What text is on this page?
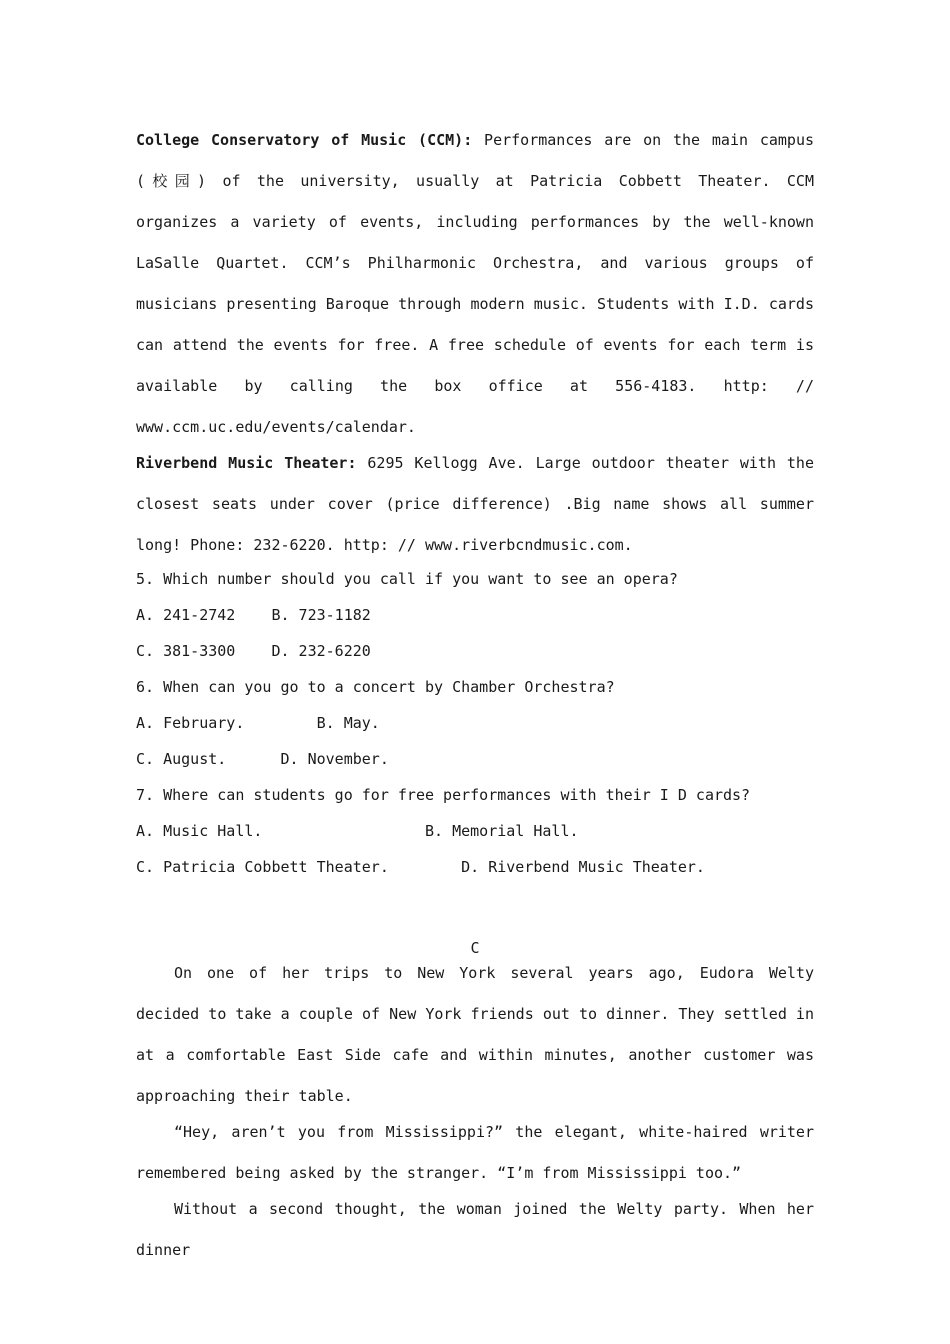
College Conservatory of Music (CCM): Performances are on the main campus (校园) of the university, usually at Patricia Cobbett Theater. CCM organizes a variety of events, including performances by the well-known LaSalle Quartet. CCM’s Philharmonic Orchestra, and various groups of musicians presenting Baroque through modern music. Students with I.D. cards can attend the events for free. A free schedule of events for each term is available by calling the box office at 556-4183. http: // www.ccm.uc.edu/events/calendar.

Riverbend Music Theater: 6295 Kellogg Ave. Large outdoor theater with the closest seats under cover (price difference) .Big name shows all summer long! Phone: 232-6220. http: // www.riverbcndmusic.com.

5. Which number should you call if you want to see an opera?

A. 241-2742    B. 723-1182

C. 381-3300    D. 232-6220

6. When can you go to a concert by Chamber Orchestra?

A. February.        B. May.

C. August.      D. November.

7. Where can students go for free performances with their I D cards?

A. Music Hall.                  B. Memorial Hall.

C. Patricia Cobbett Theater.        D. Riverbend Music Theater.

C

On one of her trips to New York several years ago, Eudora Welty decided to take a couple of New York friends out to dinner. They settled in at a comfortable East Side cafe and within minutes, another customer was approaching their table.

“Hey, aren’t you from Mississippi?” the elegant, white-haired writer remembered being asked by the stranger. “I’m from Mississippi too.”

Without a second thought, the woman joined the Welty party. When her dinner
